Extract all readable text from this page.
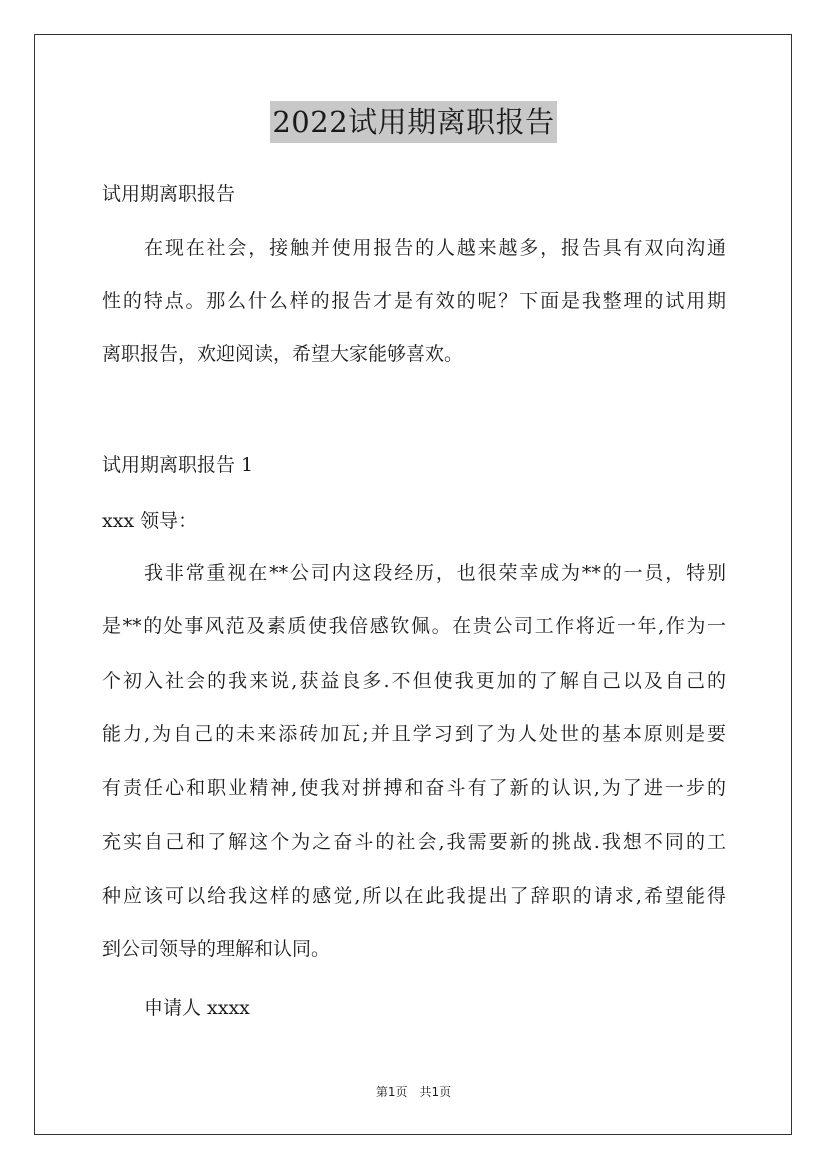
2022试用期离职报告
试用期离职报告
在现在社会，接触并使用报告的人越来越多，报告具有双向沟通
性的特点。那么什么样的报告才是有效的呢？下面是我整理的试用期
离职报告，欢迎阅读，希望大家能够喜欢。
试用期离职报告 1
xxx 领导：
我非常重视在**公司内这段经历，也很荣幸成为**的一员，特别
是**的处事风范及素质使我倍感钦佩。在贵公司工作将近一年,作为一
个初入社会的我来说,获益良多.不但使我更加的了解自己以及自己的
能力,为自己的未来添砖加瓦;并且学习到了为人处世的基本原则是要
有责任心和职业精神,使我对拼搏和奋斗有了新的认识,为了进一步的
充实自己和了解这个为之奋斗的社会,我需要新的挑战.我想不同的工
种应该可以给我这样的感觉,所以在此我提出了辞职的请求,希望能得
到公司领导的理解和认同。
申请人 xxxx
第1页　共1页
